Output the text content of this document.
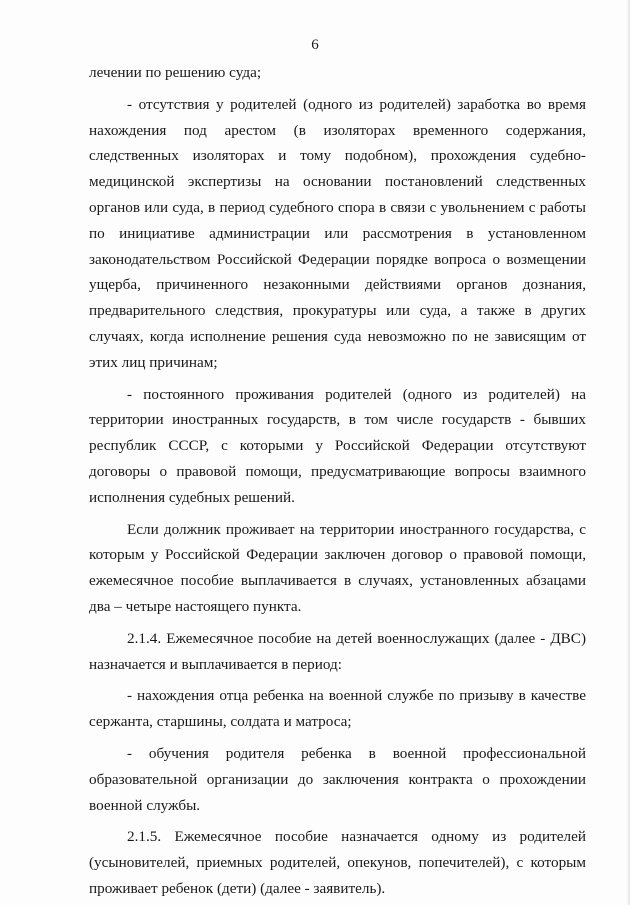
6

лечении по решению суда;

- отсутствия у родителей (одного из родителей) заработка во время нахождения под арестом (в изоляторах временного содержания, следственных изоляторах и тому подобном), прохождения судебно-медицинской экспертизы на основании постановлений следственных органов или суда, в период судебного спора в связи с увольнением с работы по инициативе администрации или рассмотрения в установленном законодательством Российской Федерации порядке вопроса о возмещении ущерба, причиненного незаконными действиями органов дознания, предварительного следствия, прокуратуры или суда, а также в других случаях, когда исполнение решения суда невозможно по не зависящим от этих лиц причинам;

- постоянного проживания родителей (одного из родителей) на территории иностранных государств, в том числе государств - бывших республик СССР, с которыми у Российской Федерации отсутствуют договоры о правовой помощи, предусматривающие вопросы взаимного исполнения судебных решений.

Если должник проживает на территории иностранного государства, с которым у Российской Федерации заключен договор о правовой помощи, ежемесячное пособие выплачивается в случаях, установленных абзацами два – четыре настоящего пункта.

2.1.4. Ежемесячное пособие на детей военнослужащих (далее - ДВС) назначается и выплачивается в период:

- нахождения отца ребенка на военной службе по призыву в качестве сержанта, старшины, солдата и матроса;

- обучения родителя ребенка в военной профессиональной образовательной организации до заключения контракта о прохождении военной службы.

2.1.5. Ежемесячное пособие назначается одному из родителей (усыновителей, приемных родителей, опекунов, попечителей), с которым проживает ребенок (дети) (далее - заявитель).
